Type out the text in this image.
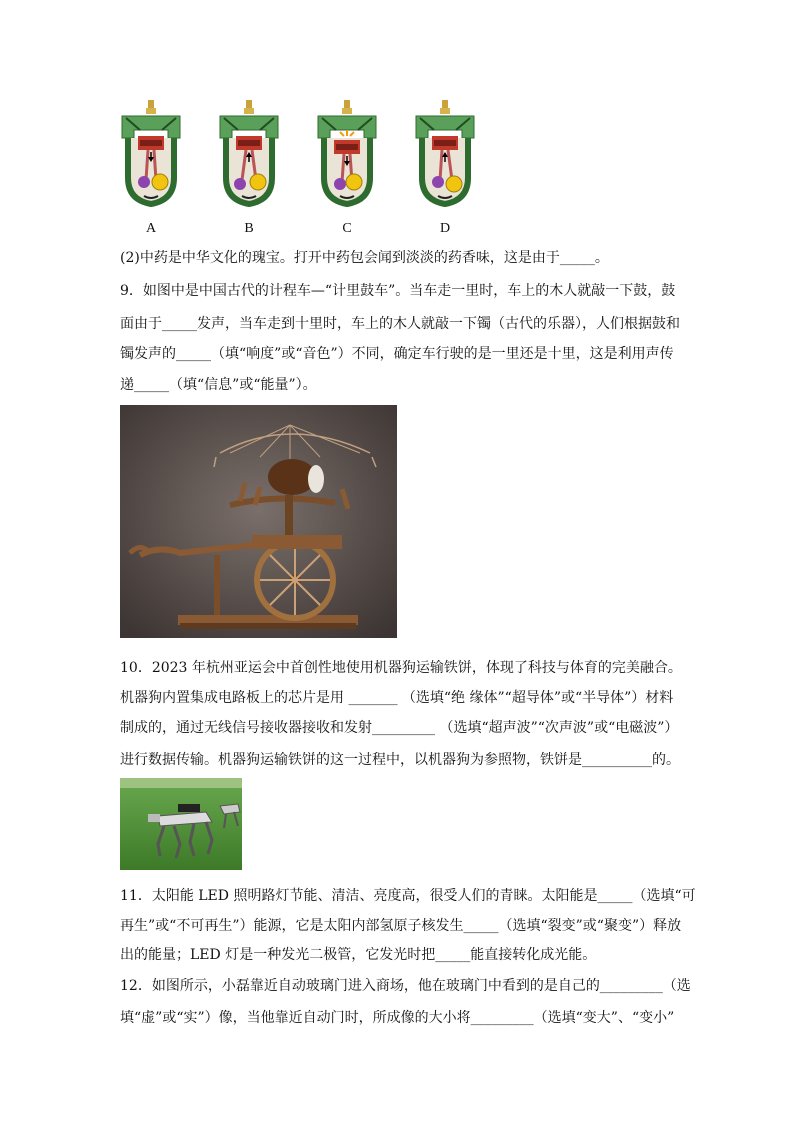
A	B	C	D
(2)中药是中华文化的瑰宝。打开中药包会闻到淡淡的药香味，这是由于_____。
9．如图中是中国古代的计程车—“计里鼓车”。当车走一里时，车上的木人就敲一下鼓，鼓
面由于_____发声，当车走到十里时，车上的木人就敲一下镯（古代的乐器），人们根据鼓和
镯发声的_____（填“响度”或“音色”）不同，确定车行驶的是一里还是十里，这是利用声传
递_____（填“信息”或“能量”）。
10．2023 年杭州亚运会中首创性地使用机器狗运输铁饼，体现了科技与体育的完美融合。
机器狗内置集成电路板上的芯片是用 _______ （选填“绝 缘体”“超导体”或“半导体”）材料
制成的，通过无线信号接收器接收和发射_________ （选填“超声波”“次声波”或“电磁波”）
进行数据传输。机器狗运输铁饼的这一过程中，以机器狗为参照物，铁饼是__________的。
11．太阳能 LED 照明路灯节能、清洁、亮度高，很受人们的青睐。太阳能是_____（选填“可
再生”或“不可再生”）能源，它是太阳内部氢原子核发生_____（选填“裂变”或“聚变”）释放
出的能量；LED 灯是一种发光二极管，它发光时把_____能直接转化成光能。
12．如图所示，小磊靠近自动玻璃门进入商场，他在玻璃门中看到的是自己的_________（选
填“虚”或“实”）像，当他靠近自动门时，所成像的大小将_________（选填“变大”、“变小”
